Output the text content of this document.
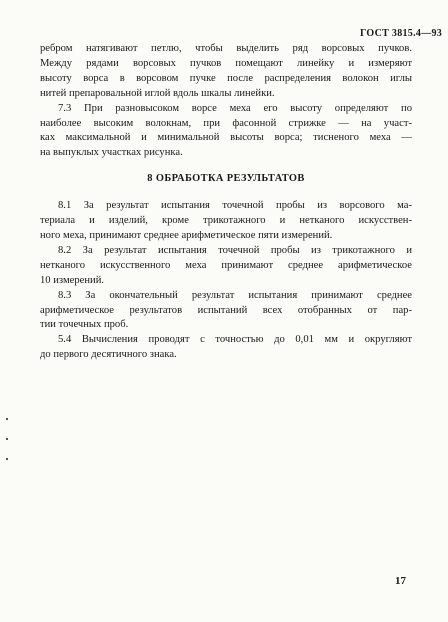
ГОСТ 3815.4—93
ребром натягивают петлю, чтобы выделить ряд ворсовых пучков.
Между рядами ворсовых пучков помещают линейку и измеряют
высоту ворса в ворсовом пучке после распределения волокон иглы
нитей препаровальной иглой вдоль шкалы линейки.
7.3 При разновысоком ворсе меха его высоту определяют по
наиболее высоким волокнам, при фасонной стрижке — на участ-
ках максимальной и минимальной высоты ворса; тисненого меха —
на выпуклых участках рисунка.
8 ОБРАБОТКА РЕЗУЛЬТАТОВ
8.1 За результат испытания точечной пробы из ворсового ма-
териала и изделий, кроме трикотажного и нетканого искусствен-
ного меха, принимают среднее арифметическое пяти измерений.
8.2 За результат испытания точечной пробы из трикотажного и
нетканого искусственного меха принимают среднее арифметическое
10 измерений.
8.3 За окончательный результат испытания принимают среднее
арифметическое результатов испытаний всех отобранных от пар-
тии точечных проб.
5.4 Вычисления проводят с точностью до 0,01 мм и округляют
до первого десятичного знака.
17
